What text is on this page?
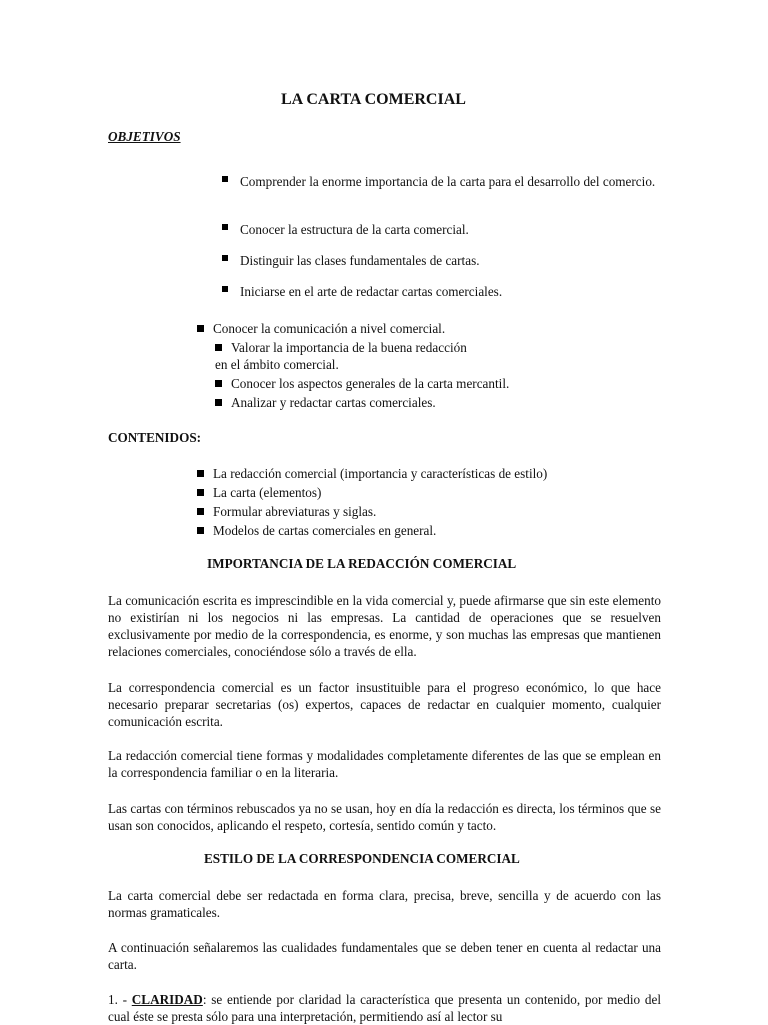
LA CARTA COMERCIAL
OBJETIVOS
Comprender la enorme importancia de la carta para el desarrollo del comercio.
Conocer la estructura de la carta comercial.
Distinguir las clases fundamentales de cartas.
Iniciarse en el arte de redactar cartas comerciales.
Conocer la comunicación a nivel comercial.
Valorar la importancia de la buena redacción
en el ámbito comercial.
Conocer los aspectos generales de la carta mercantil.
Analizar y redactar cartas comerciales.
CONTENIDOS:
La redacción comercial (importancia y características de estilo)
La carta (elementos)
Formular abreviaturas y siglas.
Modelos de cartas comerciales en general.
IMPORTANCIA DE LA REDACCIÓN COMERCIAL
La comunicación escrita es imprescindible en la vida comercial y, puede afirmarse que sin este elemento no existirían ni los negocios ni las empresas. La cantidad de operaciones que se resuelven exclusivamente por medio de la correspondencia, es enorme, y son muchas las empresas que mantienen relaciones comerciales, conociéndose sólo a través de ella.
La correspondencia comercial es un factor insustituible para el progreso económico, lo que hace necesario preparar secretarias (os) expertos, capaces de redactar en cualquier momento, cualquier comunicación escrita.
La redacción comercial tiene formas y modalidades completamente diferentes de las que se emplean en la correspondencia familiar o en la literaria.
Las cartas con términos rebuscados ya no se usan, hoy en día la redacción es directa, los términos que se usan son conocidos, aplicando el respeto, cortesía, sentido común y tacto.
ESTILO DE LA CORRESPONDENCIA COMERCIAL
La carta comercial debe ser redactada en forma clara, precisa, breve, sencilla y de acuerdo con las normas gramaticales.
A continuación señalaremos las cualidades fundamentales que se deben tener en cuenta al redactar una carta.
1. - CLARIDAD: se entiende por claridad la característica que presenta un contenido, por medio del cual éste se presta sólo para una interpretación, permitiendo así al lector su
